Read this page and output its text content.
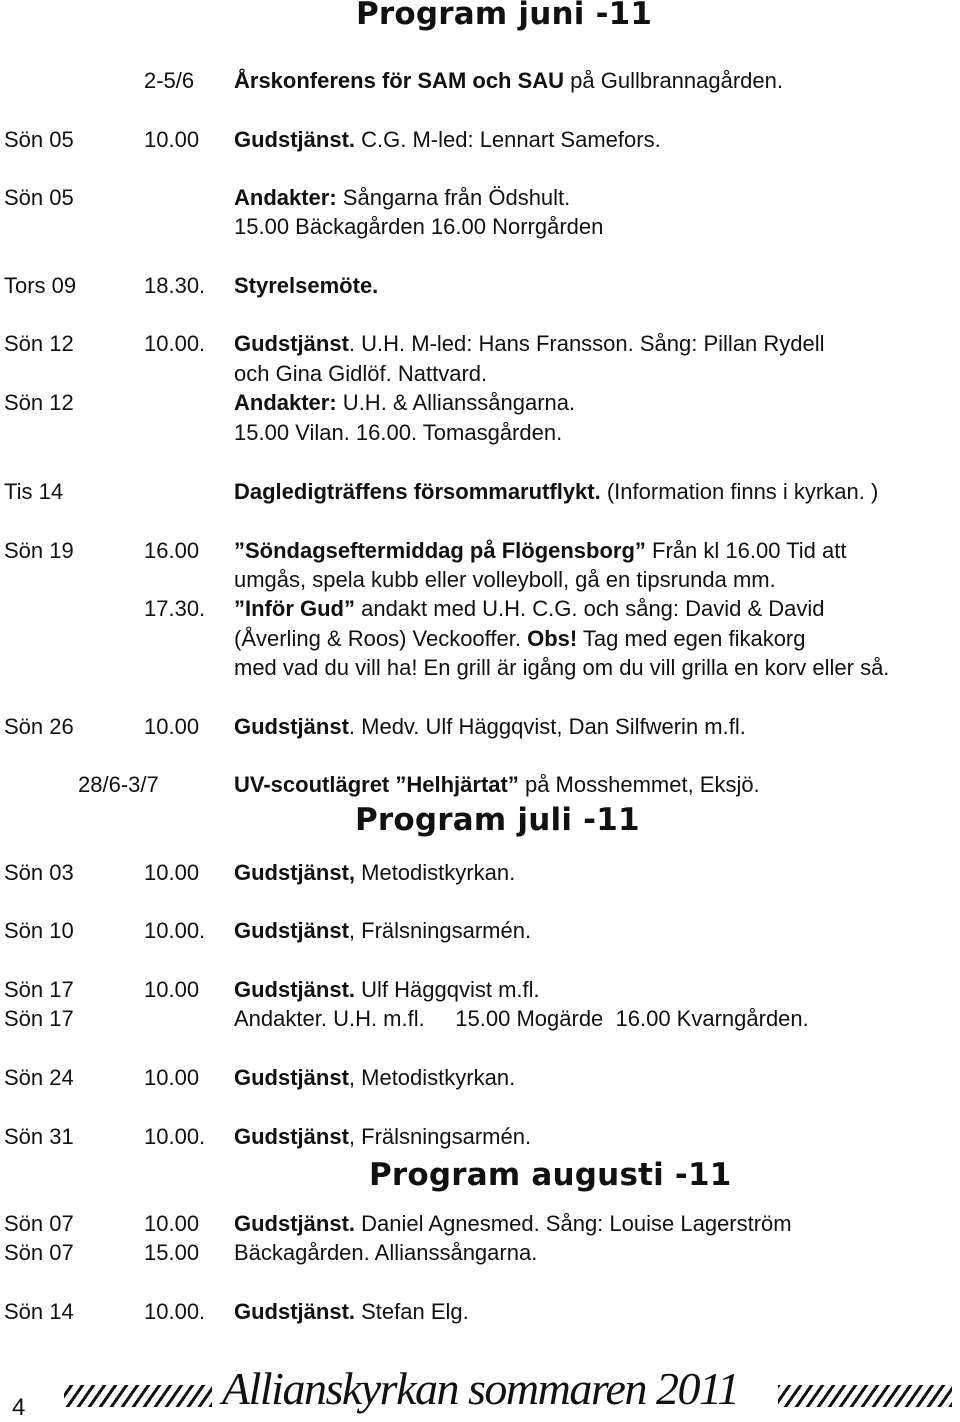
Program juni -11
2-5/6 Årskonferens för SAM och SAU på Gullbrannagården.
Sön 05	10.00 Gudstjänst. C.G. M-led: Lennart Samefors.
Sön 05	Andakter: Sångarna från Ödshult.
15.00 Bäckagården 16.00 Norrgården
Tors 09	18.30. Styrelsemöte.
Sön 12	10.00. Gudstjänst. U.H. M-led: Hans Fransson. Sång: Pillan Rydell
och Gina Gidlöf. Nattvard.
Sön 12	Andakter: U.H. & Allianssångarna.
15.00 Vilan. 16.00. Tomasgården.
Tis 14	Dagledigträffens försommarutflykt. (Information finns i kyrkan. )
Sön 19	16.00 ”Söndagseftermiddag på Flögensborg” Från kl 16.00 Tid att
umgås, spela kubb eller volleyboll, gå en tipsrunda mm.
17.30. ”Inför Gud” andakt med U.H. C.G. och sång: David & David
(Åverling & Roos) Veckooffer. Obs! Tag med egen fikakorg
med vad du vill ha! En grill är igång om du vill grilla en korv eller så.
Sön 26	10.00 Gudstjänst. Medv. Ulf Häggqvist, Dan Silfwerin m.fl.
28/6-3/7	UV-scoutlägret ”Helhjärtat” på Mosshemmet, Eksjö.
Program juli -11
Sön 03	10.00 Gudstjänst, Metodistkyrkan.
Sön 10	10.00. Gudstjänst, Frälsningsarmén.
Sön 17	10.00 Gudstjänst. Ulf Häggqvist m.fl.
Sön 17	Andakter. U.H. m.fl.     15.00 Mogärde  16.00 Kvarngården.
Sön 24	10.00 Gudstjänst, Metodistkyrkan.
Sön 31	10.00. Gudstjänst, Frälsningsarmén.
Program augusti -11
Sön 07	10.00 Gudstjänst. Daniel Agnesmed. Sång: Louise Lagerström
Sön 07	15.00 Bäckagården. Allianssångarna.
Sön 14	10.00. Gudstjänst. Stefan Elg.
4	Allianskyrkan sommaren 2011
